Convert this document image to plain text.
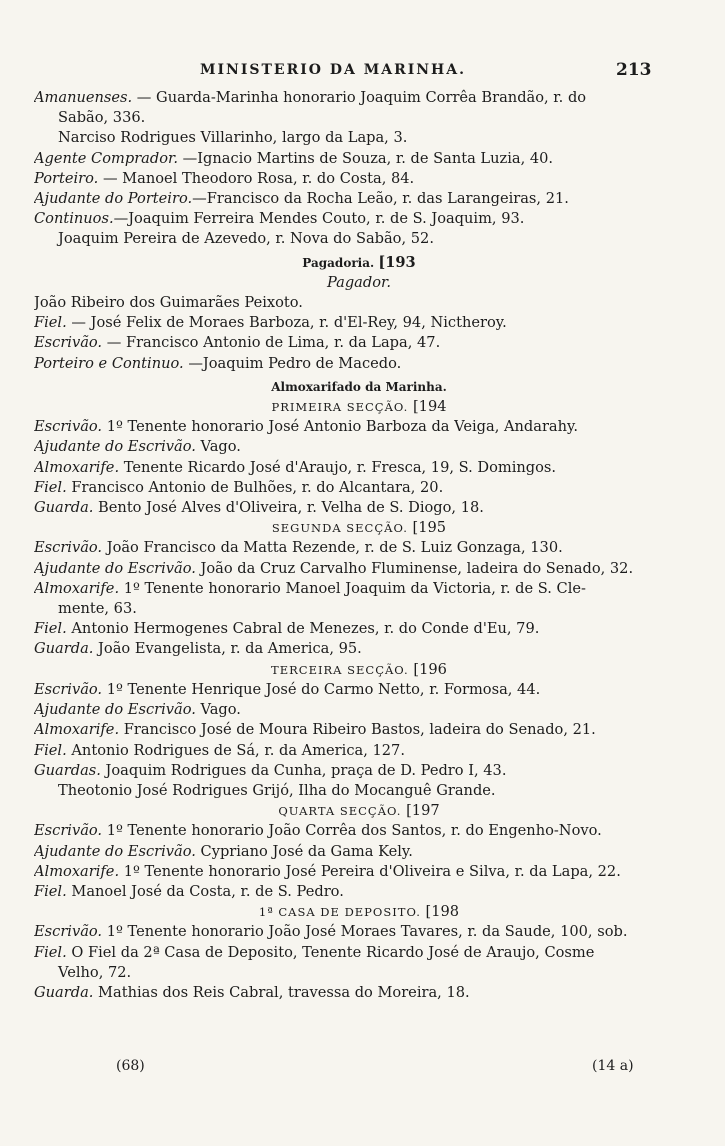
MINISTERIO DA MARINHA.	213
Amanuenses. — Guarda-Marinha honorario Joaquim Corrêa Brandão, r. do
Sabão, 336.
Narciso Rodrigues Villarinho, largo da Lapa, 3.
Agente Comprador. —Ignacio Martins de Souza, r. de Santa Luzia, 40.
Porteiro. — Manoel Theodoro Rosa, r. do Costa, 84.
Ajudante do Porteiro.—Francisco da Rocha Leão, r. das Larangeiras, 21.
Continuos.—Joaquim Ferreira Mendes Couto, r. de S. Joaquim, 93.
Joaquim Pereira de Azevedo, r. Nova do Sabão, 52.
Pagadoria. [193
Pagador.
João Ribeiro dos Guimarães Peixoto.
Fiel. — José Felix de Moraes Barboza, r. d'El-Rey, 94, Nictheroy.
Escrivão. — Francisco Antonio de Lima, r. da Lapa, 47.
Porteiro e Continuo. —Joaquim Pedro de Macedo.
Almoxarifado da Marinha.
PRIMEIRA SECÇÃO. [194
Escrivão. 1º Tenente honorario José Antonio Barboza da Veiga, Andarahy.
Ajudante do Escrivão. Vago.
Almoxarife. Tenente Ricardo José d'Araujo, r. Fresca, 19, S. Domingos.
Fiel. Francisco Antonio de Bulhões, r. do Alcantara, 20.
Guarda. Bento José Alves d'Oliveira, r. Velha de S. Diogo, 18.
SEGUNDA SECÇÃO. [195
Escrivão. João Francisco da Matta Rezende, r. de S. Luiz Gonzaga, 130.
Ajudante do Escrivão. João da Cruz Carvalho Fluminense, ladeira do Senado, 32.
Almoxarife. 1º Tenente honorario Manoel Joaquim da Victoria, r. de S. Cle-
mente, 63.
Fiel. Antonio Hermogenes Cabral de Menezes, r. do Conde d'Eu, 79.
Guarda. João Evangelista, r. da America, 95.
TERCEIRA SECÇÃO. [196
Escrivão. 1º Tenente Henrique José do Carmo Netto, r. Formosa, 44.
Ajudante do Escrivão. Vago.
Almoxarife. Francisco José de Moura Ribeiro Bastos, ladeira do Senado, 21.
Fiel. Antonio Rodrigues de Sá, r. da America, 127.
Guardas. Joaquim Rodrigues da Cunha, praça de D. Pedro I, 43.
Theotonio José Rodrigues Grijó, Ilha do Mocanguê Grande.
QUARTA SECÇÃO. [197
Escrivão. 1º Tenente honorario João Corrêa dos Santos, r. do Engenho-Novo.
Ajudante do Escrivão. Cypriano José da Gama Kely.
Almoxarife. 1º Tenente honorario José Pereira d'Oliveira e Silva, r. da Lapa, 22.
Fiel. Manoel José da Costa, r. de S. Pedro.
1ª CASA DE DEPOSITO. [198
Escrivão. 1º Tenente honorario João José Moraes Tavares, r. da Saude, 100, sob.
Fiel. O Fiel da 2ª Casa de Deposito, Tenente Ricardo José de Araujo, Cosme
Velho, 72.
Guarda. Mathias dos Reis Cabral, travessa do Moreira, 18.
(68)	(14 a)
